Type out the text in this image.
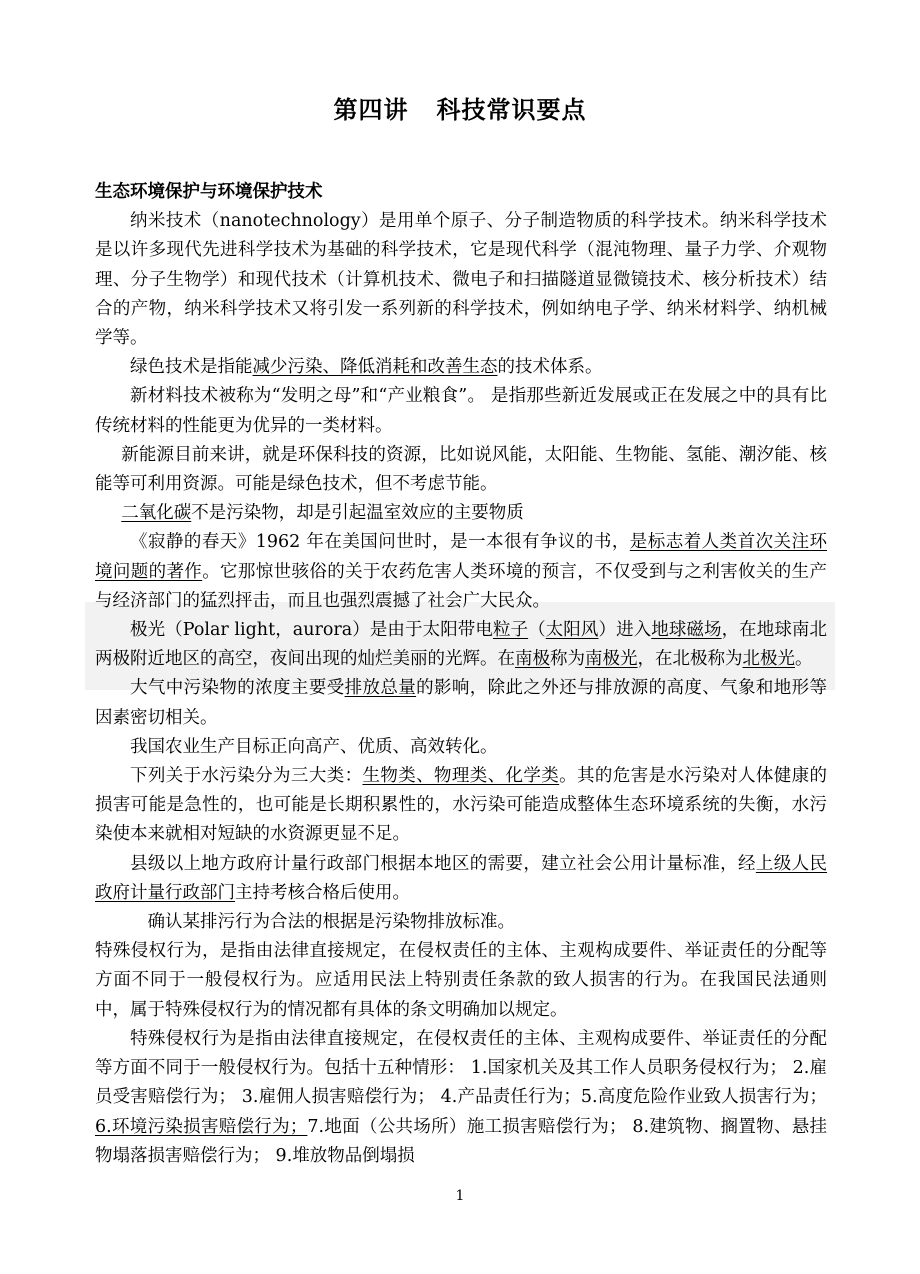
第四讲 科技常识要点

生态环境保护与环境保护技术

纳米技术（nanotechnology）是用单个原子、分子制造物质的科学技术。纳米科学技术是以许多现代先进科学技术为基础的科学技术，它是现代科学（混沌物理、量子力学、介观物理、分子生物学）和现代技术（计算机技术、微电子和扫描隧道显微镜技术、核分析技术）结合的产物，纳米科学技术又将引发一系列新的科学技术，例如纳电子学、纳米材料学、纳机械学等。

绿色技术是指能减少污染、降低消耗和改善生态的技术体系。

新材料技术被称为“发明之母”和“产业粮食”。 是指那些新近发展或正在发展之中的具有比传统材料的性能更为优异的一类材料。

新能源目前来讲，就是环保科技的资源，比如说风能，太阳能、生物能、氢能、潮汐能、核能等可利用资源。可能是绿色技术，但不考虑节能。

二氧化碳不是污染物，却是引起温室效应的主要物质

《寂静的春天》1962 年在美国问世时，是一本很有争议的书，是标志着人类首次关注环境问题的著作。它那惊世骇俗的关于农药危害人类环境的预言，不仅受到与之利害攸关的生产与经济部门的猛烈抨击，而且也强烈震撼了社会广大民众。

极光（Polar light，aurora）是由于太阳带电粒子（太阳风）进入地球磁场，在地球南北两极附近地区的高空，夜间出现的灿烂美丽的光辉。在南极称为南极光，在北极称为北极光。

大气中污染物的浓度主要受排放总量的影响，除此之外还与排放源的高度、气象和地形等因素密切相关。

我国农业生产目标正向高产、优质、高效转化。

下列关于水污染分为三大类：生物类、物理类、化学类。其的危害是水污染对人体健康的损害可能是急性的，也可能是长期积累性的，水污染可能造成整体生态环境系统的失衡，水污染使本来就相对短缺的水资源更显不足。

县级以上地方政府计量行政部门根据本地区的需要，建立社会公用计量标准，经上级人民政府计量行政部门主持考核合格后使用。

确认某排污行为合法的根据是污染物排放标准。

特殊侵权行为，是指由法律直接规定，在侵权责任的主体、主观构成要件、举证责任的分配等方面不同于一般侵权行为。应适用民法上特别责任条款的致人损害的行为。在我国民法通则中，属于特殊侵权行为的情况都有具体的条文明确加以规定。

特殊侵权行为是指由法律直接规定，在侵权责任的主体、主观构成要件、举证责任的分配等方面不同于一般侵权行为。包括十五种情形： 1.国家机关及其工作人员职务侵权行为； 2.雇员受害赔偿行为； 3.雇佣人损害赔偿行为； 4.产品责任行为；5.高度危险作业致人损害行为； 6.环境污染损害赔偿行为；7.地面（公共场所）施工损害赔偿行为； 8.建筑物、搁置物、悬挂物塌落损害赔偿行为； 9.堆放物品倒塌损

1
